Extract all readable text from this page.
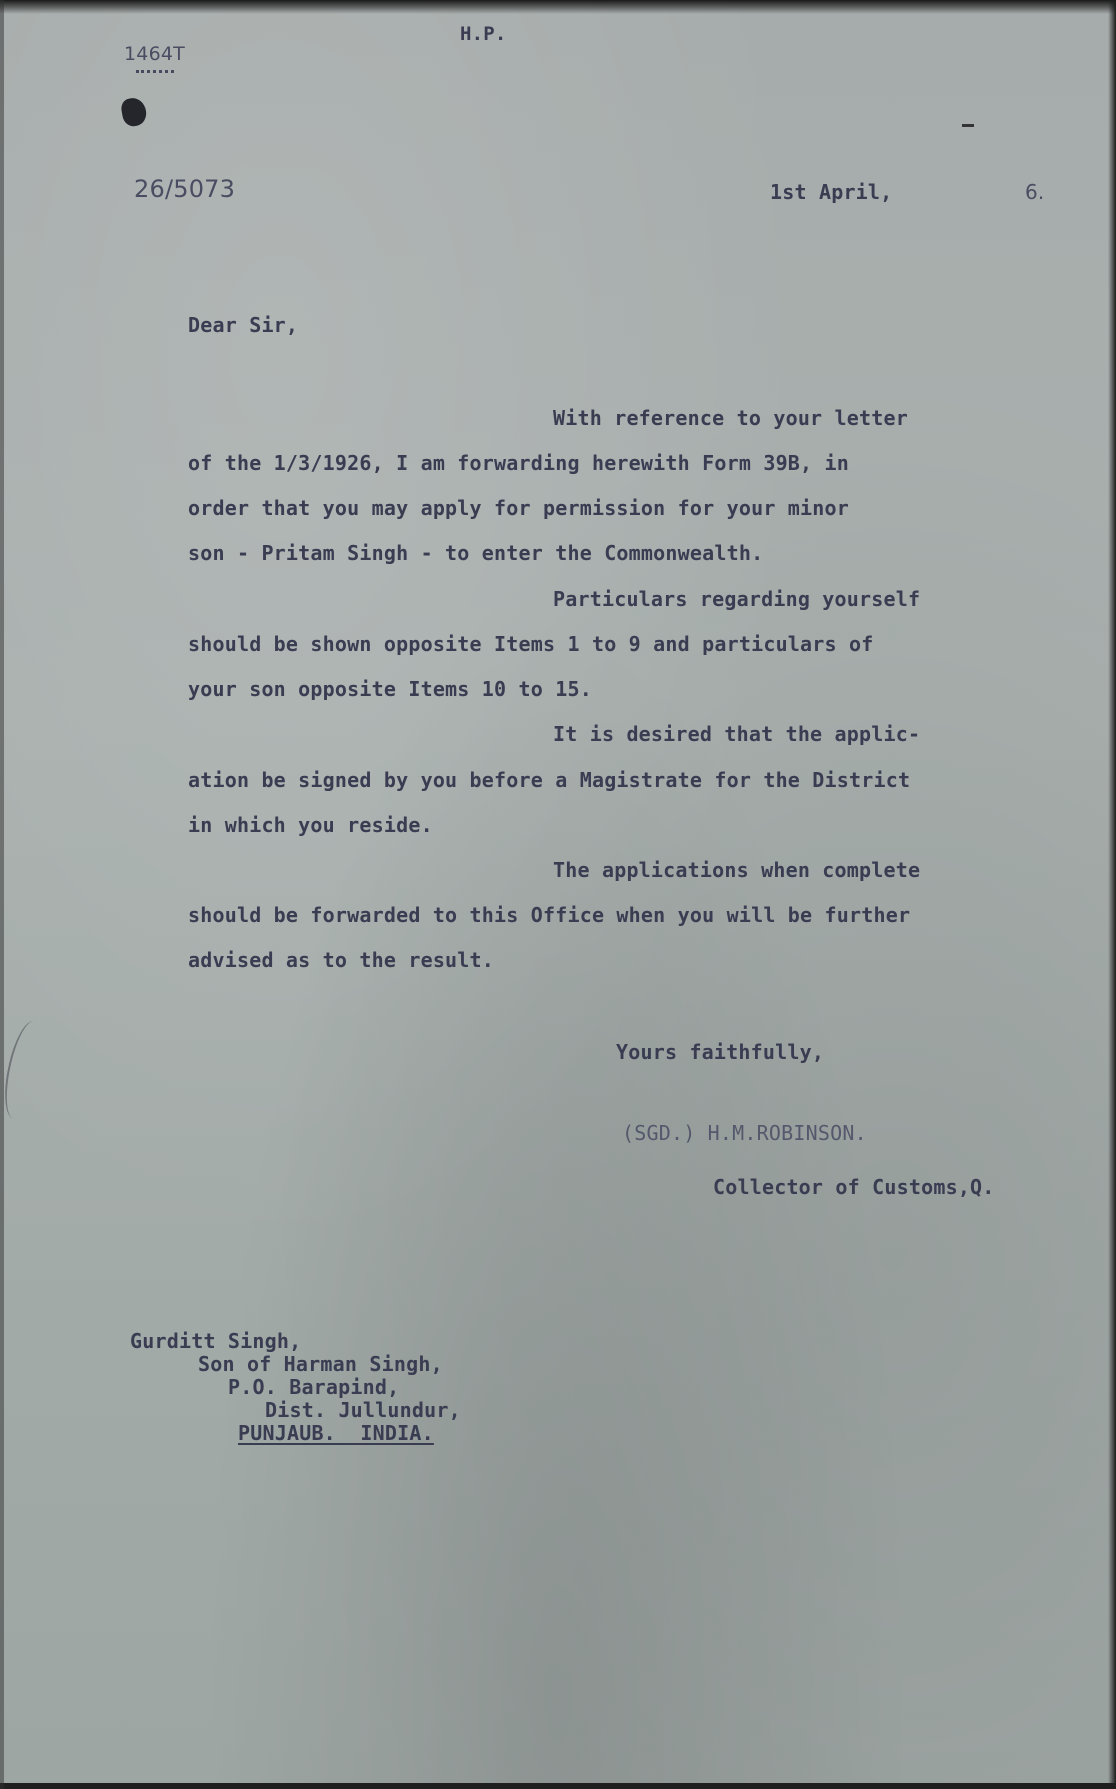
1464T
H.P.
26/5073	1st April,	6.
Dear Sir,
With reference to your letter
of the 1/3/1926, I am forwarding herewith Form 39B, in
order that you may apply for permission for your minor
son - Pritam Singh - to enter the Commonwealth.
Particulars regarding yourself
should be shown opposite Items 1 to 9 and particulars of
your son opposite Items 10 to 15.
It is desired that the applic-
ation be signed by you before a Magistrate for the District
in which you reside.
The applications when complete
should be forwarded to this Office when you will be further
advised as to the result.
Yours faithfully,
(SGD.) H.M.ROBINSON.
Collector of Customs,Q.
Gurditt Singh,
Son of Harman Singh,
P.O. Barapind,
Dist. Jullundur,
PUNJAUB.  INDIA.
